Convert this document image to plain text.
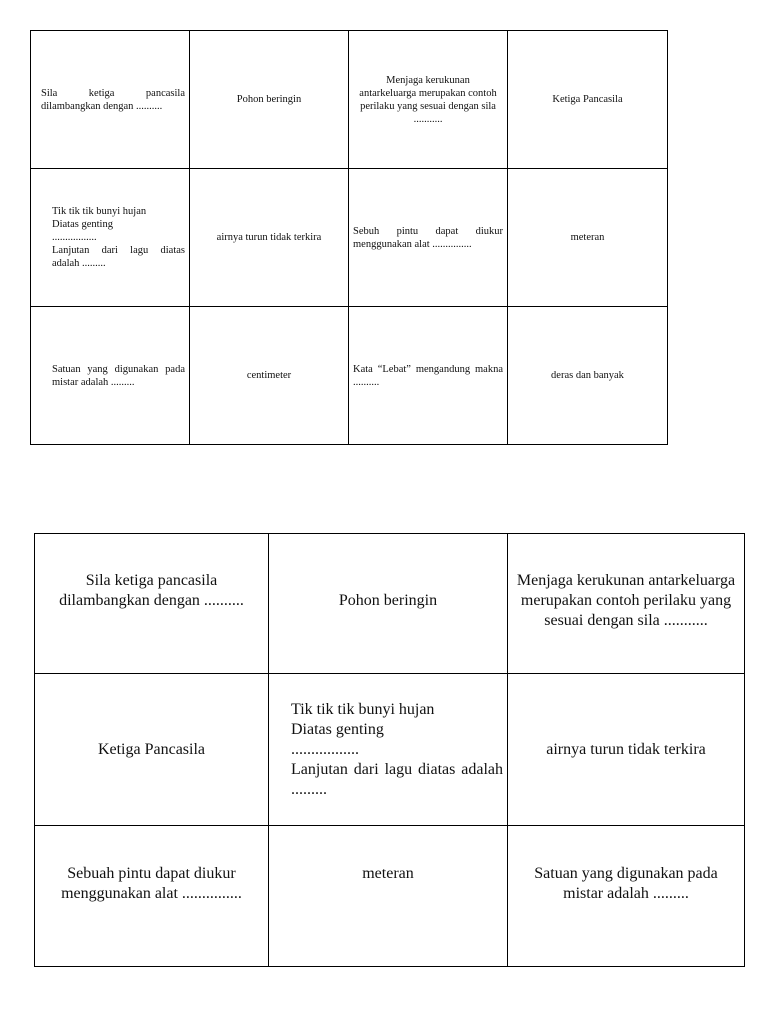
Sila ketiga pancasila dilambangkan dengan ..........	Pohon beringin	Menjaga kerukunan antarkeluarga merupakan contoh perilaku yang sesuai dengan sila ...........	Ketiga Pancasila

Tik tik tik bunyi hujan
Diatas genting
.................
Lanjutan dari lagu diatas adalah .........	airnya turun tidak terkira	Sebuh pintu dapat diukur menggunakan alat ...............	meteran

Satuan yang digunakan pada mistar adalah .........	centimeter	Kata “Lebat” mengandung makna ..........	deras dan banyak
Sila ketiga pancasila dilambangkan dengan ..........	Pohon beringin	Menjaga kerukunan antarkeluarga merupakan contoh perilaku yang sesuai dengan sila ...........

Ketiga Pancasila	Tik tik tik bunyi hujan
Diatas genting
.................
Lanjutan dari lagu diatas adalah .........	airnya turun tidak terkira

Sebuah pintu dapat diukur menggunakan alat ...............	meteran	Satuan yang digunakan pada mistar adalah .........
